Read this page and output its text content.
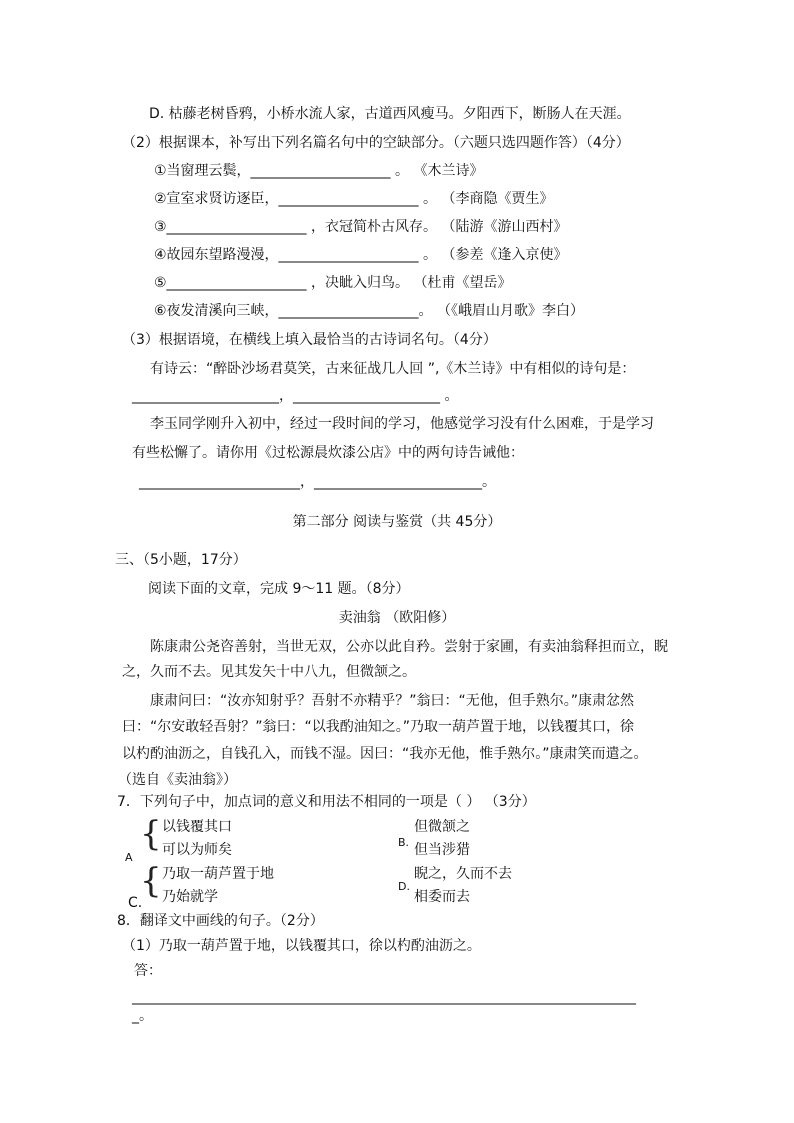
D. 枯藤老树昏鸦，小桥水流人家，古道西风瘦马。夕阳西下，断肠人在天涯。
（2）根据课本，补写出下列名篇名句中的空缺部分。（六题只选四题作答）（4分）
①当窗理云鬓，____________________ 。 《木兰诗》
②宣室求贤访逐臣，____________________ 。 （李商隐《贾生》
③____________________ ，衣冠简朴古风存。 （陆游《游山西村》
④故园东望路漫漫，____________________ 。 （参差《逢入京使》
⑤____________________ ，决眦入归鸟。 （杜甫《望岳》
⑥夜发清溪向三峡，____________________。 （《峨眉山月歌》李白）
（3）根据语境，在横线上填入最恰当的古诗词名句。（4分）
有诗云：“醉卧沙场君莫笑，古来征战几人回 ”,《木兰诗》中有相似的诗句是：
_____________________，_____________________ 。
李玉同学刚升入初中，经过一段时间的学习，他感觉学习没有什么困难，于是学习
有些松懈了。请你用《过松源晨炊漆公店》中的两句诗告诫他：
_______________________，________________________。
第二部分 阅读与鉴赏（共 45分）
三、（5小题，17分）
阅读下面的文章，完成 9～11 题。（8分）
卖油翁 （欧阳修）
陈康肃公尧咨善射，当世无双，公亦以此自矜。尝射于家圃，有卖油翁释担而立，睨
之，久而不去。见其发矢十中八九，但微颔之。
康肃问曰：“汝亦知射乎？吾射不亦精乎？”翁曰：“无他，但手熟尔。”康肃忿然
曰：“尔安敢轻吾射？”翁曰：“以我酌油知之。”乃取一葫芦置于地，以钱覆其口，徐
以杓酌油沥之，自钱孔入，而钱不湿。因曰：“我亦无他，惟手熟尔。”康肃笑而遣之。
（选自《卖油翁》）
7．下列句子中，加点词的意义和用法不相同的一项是（ ） （3分）
{
A
以钱覆其口
可以为师矣	B.
但微颔之
但当涉猎
{
C.
乃取一葫芦置于地
乃始就学
D.
睨之，久而不去
相委而去
8．翻译文中画线的句子。（2分）
（1）乃取一葫芦置于地，以钱覆其口，徐以杓酌油沥之。
答：
________________________________________________________________________
_。
